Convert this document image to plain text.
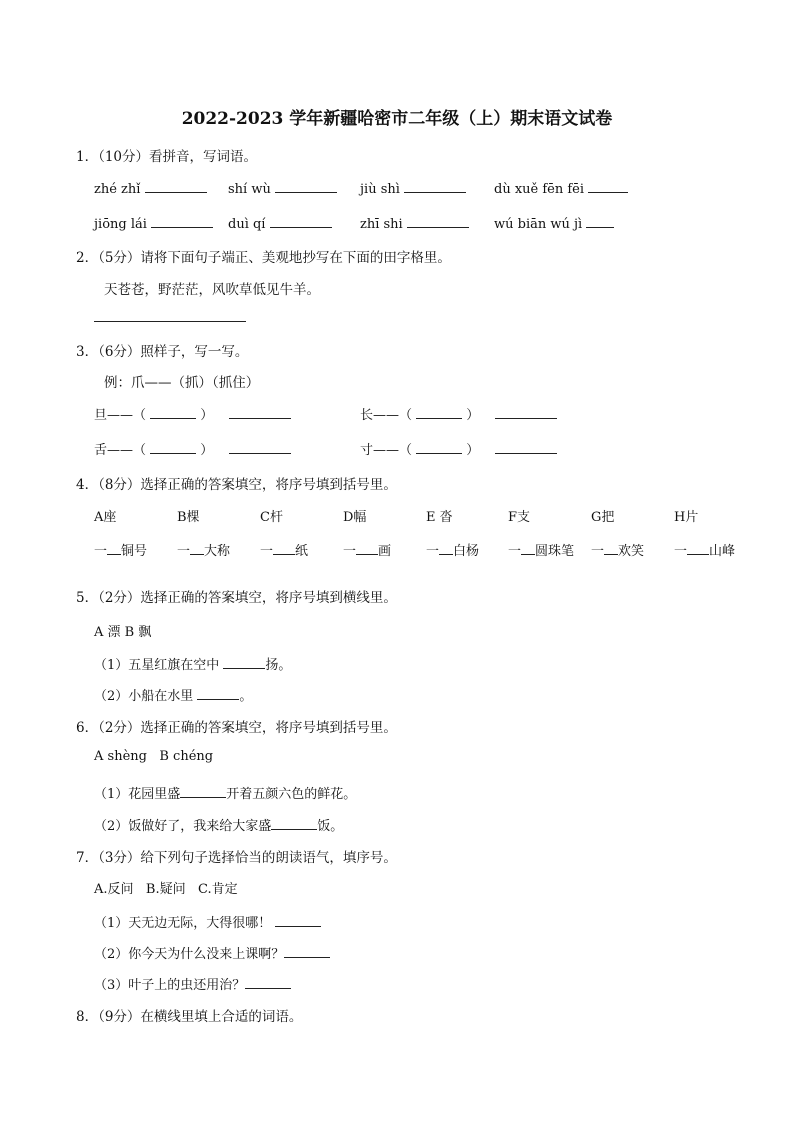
2022-2023 学年新疆哈密市二年级（上）期末语文试卷
1．（10分）看拼音，写词语。
zhé zhǐ	shí wù	jiù shì	dù xuě fēn fēi
jiōng lái	duì qí	zhī shi	wú biān wú jì
2．（5分）请将下面句子端正、美观地抄写在下面的田字格里。
天苍苍，野茫茫，风吹草低见牛羊。
3．（6分）照样子，写一写。
例：爪——（抓）（抓住）
旦——（	）	长——（	）
舌——（	）	寸——（	）
4．（8分）选择正确的答案填空，将序号填到括号里。
A座	B棵	C杆	D幅	E 沓	F支	G把	H片
一 铜号 一 大称 一 纸	一 画	一 白杨 一 圆珠笔 一 欢笑 一 山峰
5．（2分）选择正确的答案填空，将序号填到横线里。
A 漂 B 飘
（1）五星红旗在空中	扬。
（2）小船在水里	。
6．（2分）选择正确的答案填空，将序号填到括号里。
A shèng   B chéng
（1）花园里盛	开着五颜六色的鲜花。
（2）饭做好了，我来给大家盛	饭。
7．（3分）给下列句子选择恰当的朗读语气，填序号。
A.反问   B.疑问   C.肯定
（1）天无边无际，大得很哪！
（2）你今天为什么没来上课啊？
（3）叶子上的虫还用治？
8．（9分）在横线里填上合适的词语。
